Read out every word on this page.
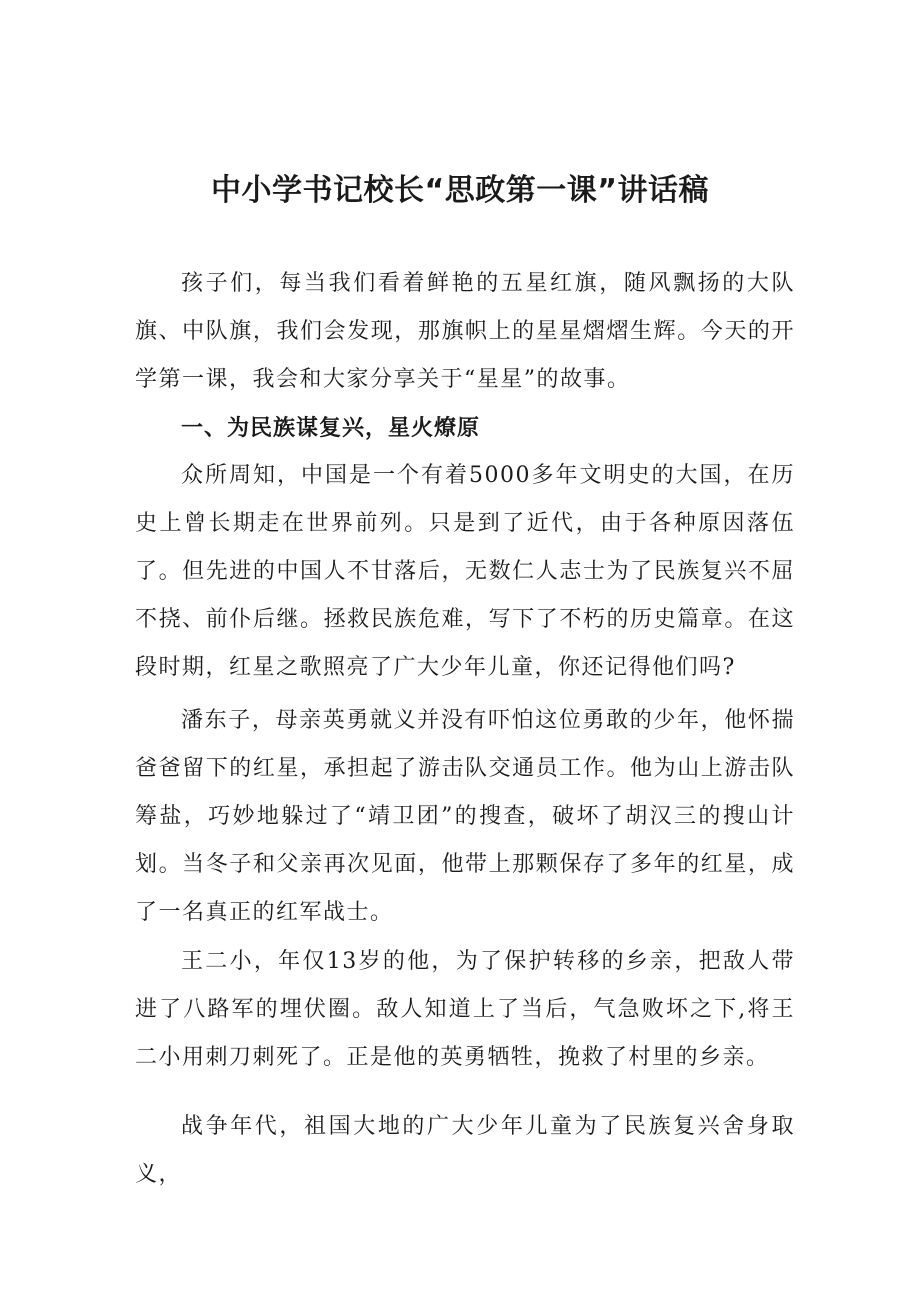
中小学书记校长“思政第一课”讲话稿

孩子们，每当我们看着鲜艳的五星红旗，随风飘扬的大队旗、中队旗，我们会发现，那旗帜上的星星熠熠生辉。今天的开学第一课，我会和大家分享关于“星星”的故事。

一、为民族谋复兴，星火燎原

众所周知，中国是一个有着5000多年文明史的大国，在历史上曾长期走在世界前列。只是到了近代，由于各种原因落伍了。但先进的中国人不甘落后，无数仁人志士为了民族复兴不屈不挠、前仆后继。拯救民族危难，写下了不朽的历史篇章。在这段时期，红星之歌照亮了广大少年儿童，你还记得他们吗?

潘东子，母亲英勇就义并没有吓怕这位勇敢的少年，他怀揣爸爸留下的红星，承担起了游击队交通员工作。他为山上游击队筹盐，巧妙地躲过了“靖卫团”的搜查，破坏了胡汉三的搜山计划。当冬子和父亲再次见面，他带上那颗保存了多年的红星，成了一名真正的红军战士。

王二小，年仅13岁的他，为了保护转移的乡亲，把敌人带进了八路军的埋伏圈。敌人知道上了当后，气急败坏之下,将王二小用刺刀刺死了。正是他的英勇牺牲，挽救了村里的乡亲。

战争年代，祖国大地的广大少年儿童为了民族复兴舍身取义，
